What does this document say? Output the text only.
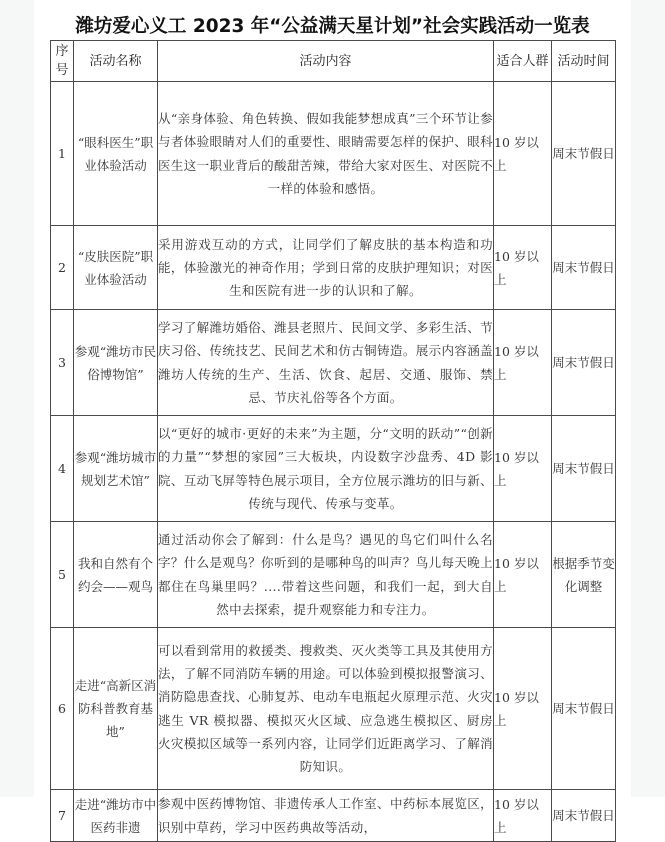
潍坊爱心义工 2023 年“公益满天星计划”社会实践活动一览表
序号	活动名称	活动内容	适合人群	活动时间
1	“眼科医生”职业体验活动	从“亲身体验、角色转换、假如我能梦想成真”三个环节让参与者体验眼睛对人们的重要性、眼睛需要怎样的保护、眼科医生这一职业背后的酸甜苦辣，带给大家对医生、对医院不一样的体验和感悟。	10 岁以上	周末节假日
2	“皮肤医院”职业体验活动	采用游戏互动的方式，让同学们了解皮肤的基本构造和功能，体验激光的神奇作用；学到日常的皮肤护理知识；对医生和医院有进一步的认识和了解。	10 岁以上	周末节假日
3	参观“潍坊市民俗博物馆”	学习了解潍坊婚俗、潍县老照片、民间文学、多彩生活、节庆习俗、传统技艺、民间艺术和仿古铜铸造。展示内容涵盖潍坊人传统的生产、生活、饮食、起居、交通、服饰、禁忌、节庆礼俗等各个方面。	10 岁以上	周末节假日
4	参观“潍坊城市规划艺术馆”	以“更好的城市·更好的未来”为主题，分“文明的跃动”“创新的力量”“梦想的家园”三大板块，内设数字沙盘秀、4D 影院、互动飞屏等特色展示项目，全方位展示潍坊的旧与新、传统与现代、传承与变革。	10 岁以上	周末节假日
5	我和自然有个约会——观鸟	通过活动你会了解到：什么是鸟？遇见的鸟它们叫什么名字？什么是观鸟？你听到的是哪种鸟的叫声？鸟儿每天晚上都住在鸟巢里吗？....带着这些问题，和我们一起，到大自然中去探索，提升观察能力和专注力。	10 岁以上	根据季节变化调整
6	走进“高新区消防科普教育基地”	可以看到常用的救援类、搜救类、灭火类等工具及其使用方法，了解不同消防车辆的用途。可以体验到模拟报警演习、消防隐患查找、心肺复苏、电动车电瓶起火原理示范、火灾逃生 VR 模拟器、模拟灭火区域、应急逃生模拟区、厨房火灾模拟区域等一系列内容，让同学们近距离学习、了解消防知识。	10 岁以上	周末节假日
7	走进“潍坊市中医药非遗	参观中医药博物馆、非遗传承人工作室、中药标本展览区，识别中草药，学习中医药典故等活动，	10 岁以上	周末节假日
